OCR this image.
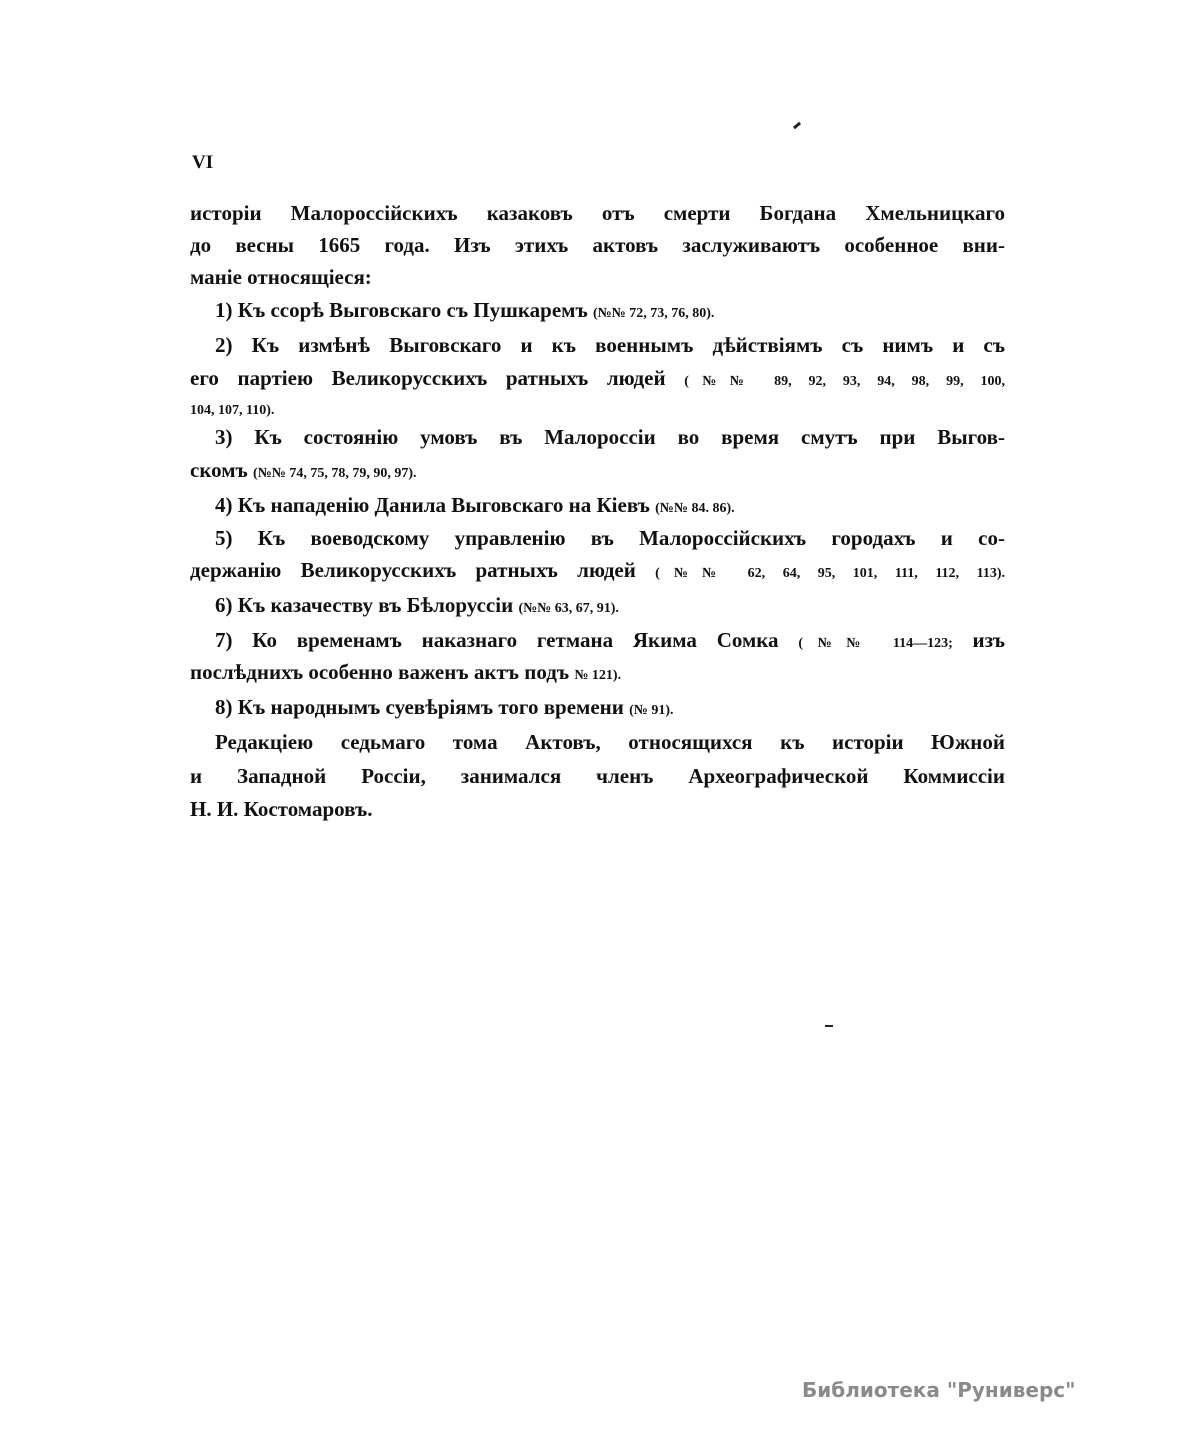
VI
исторіи Малороссійскихъ казаковъ отъ смерти Богдана Хмельницкаго
до весны 1665 года. Изъ этихъ актовъ заслуживаютъ особенное вни-
маніе относящіеся:
1) Къ ссорѣ Выговскаго съ Пушкаремъ (№№ 72, 73, 76, 80).
2) Къ измѣнѣ Выговскаго и къ военнымъ дѣйствіямъ съ нимъ и съ
его партіею Великорусскихъ ратныхъ людей (№№ 89, 92, 93, 94, 98, 99, 100,
104, 107, 110).
3) Къ состоянію умовъ въ Малороссіи во время смутъ при Выгов-
скомъ (№№ 74, 75, 78, 79, 90, 97).
4) Къ нападенію Данила Выговскаго на Кіевъ (№№ 84. 86).
5) Къ воеводскому управленію въ Малороссійскихъ городахъ и со-
держанію Великорусскихъ ратныхъ людей (№№ 62, 64, 95, 101, 111, 112, 113).
6) Къ казачеству въ Бѣлоруссіи (№№ 63, 67, 91).
7) Ко временамъ наказнаго гетмана Якима Сомка (№№ 114—123; изъ
послѣднихъ особенно важенъ актъ подъ № 121).
8) Къ народнымъ суевѣріямъ того времени (№ 91).
Редакціею седьмаго тома Актовъ, относящихся къ исторіи Южной
и Западной Россіи, занимался членъ Археографической Коммиссіи
Н. И. Костомаровъ.
Библиотека "Руниверс"
